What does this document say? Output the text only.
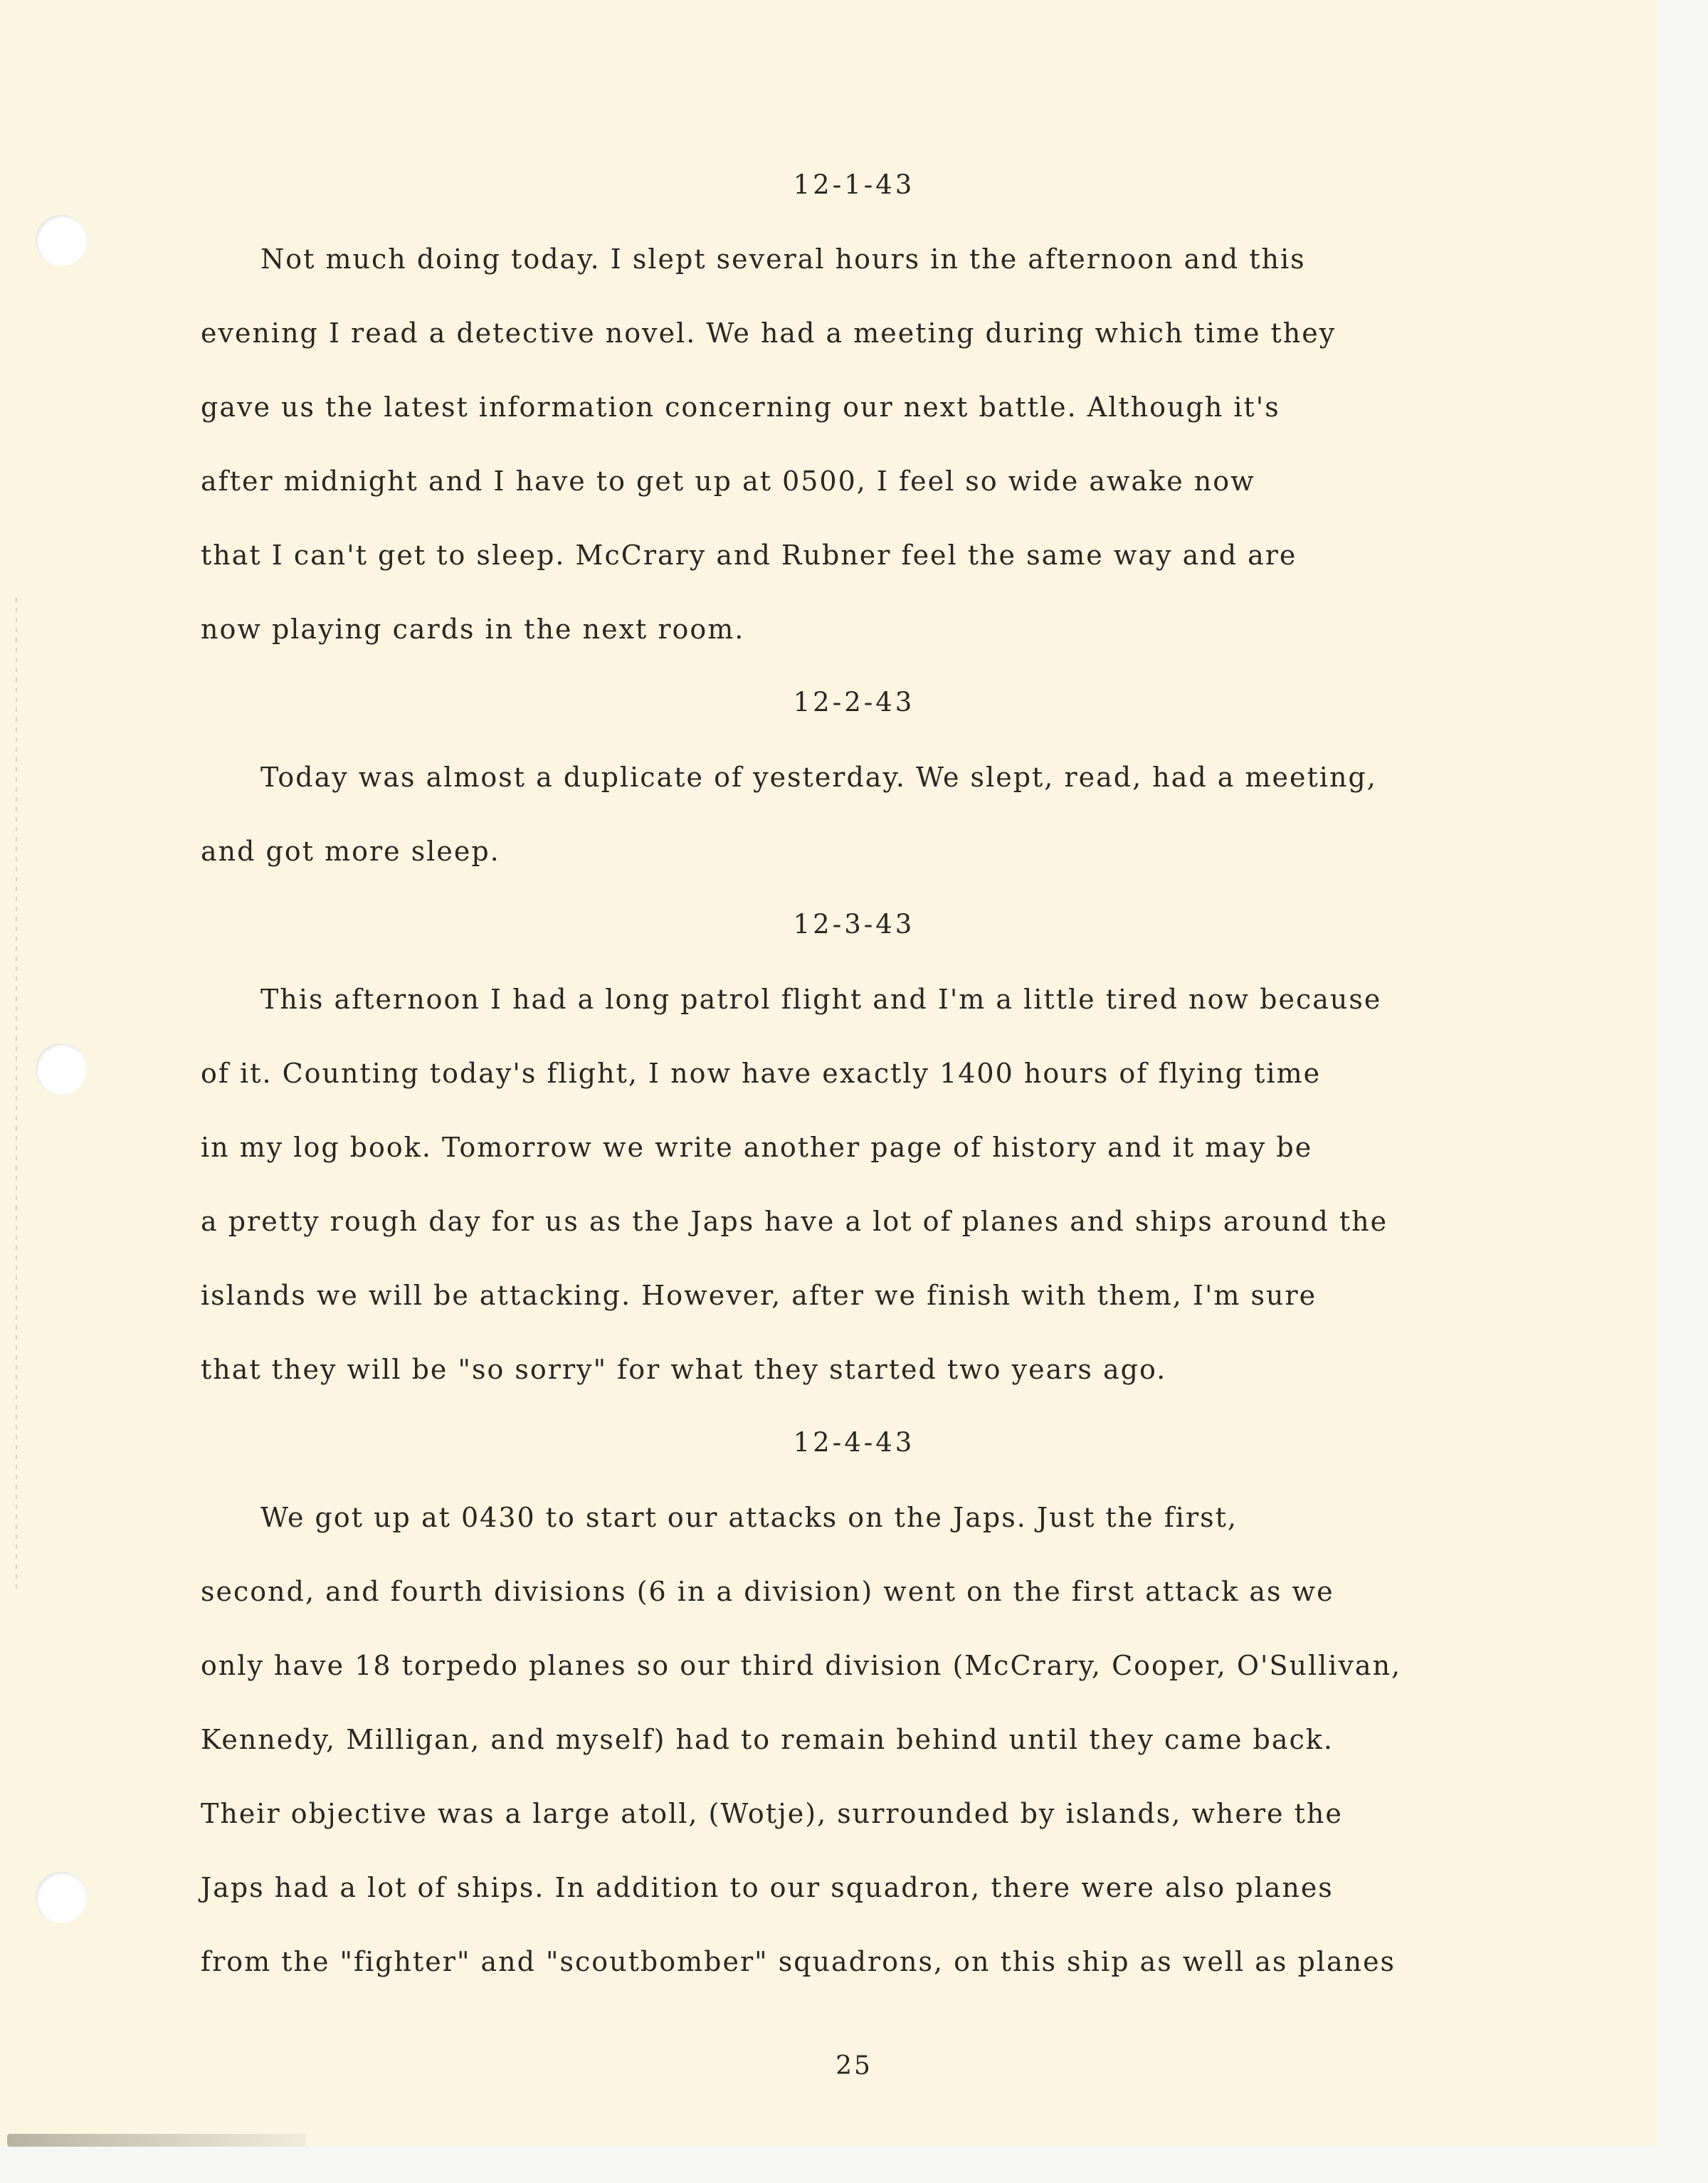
12-1-43
Not much doing today. I slept several hours in the afternoon and this
evening I read a detective novel. We had a meeting during which time they
gave us the latest information concerning our next battle. Although it's
after midnight and I have to get up at 0500, I feel so wide awake now
that I can't get to sleep. McCrary and Rubner feel the same way and are
now playing cards in the next room.
12-2-43
Today was almost a duplicate of yesterday. We slept, read, had a meeting,
and got more sleep.
12-3-43
This afternoon I had a long patrol flight and I'm a little tired now because
of it. Counting today's flight, I now have exactly 1400 hours of flying time
in my log book. Tomorrow we write another page of history and it may be
a pretty rough day for us as the Japs have a lot of planes and ships around the
islands we will be attacking. However, after we finish with them, I'm sure
that they will be "so sorry" for what they started two years ago.
12-4-43
We got up at 0430 to start our attacks on the Japs. Just the first,
second, and fourth divisions (6 in a division) went on the first attack as we
only have 18 torpedo planes so our third division (McCrary, Cooper, O'Sullivan,
Kennedy, Milligan, and myself) had to remain behind until they came back.
Their objective was a large atoll, (Wotje), surrounded by islands, where the
Japs had a lot of ships. In addition to our squadron, there were also planes
from the "fighter" and "scoutbomber" squadrons, on this ship as well as planes
25
